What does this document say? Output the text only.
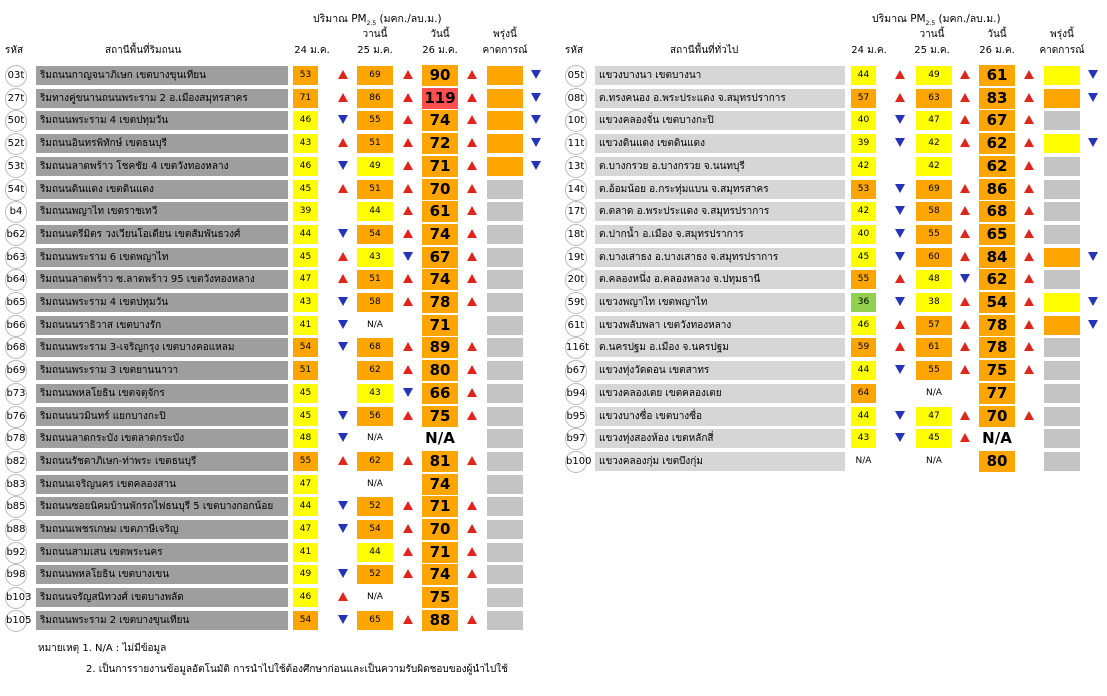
ปริมาณ $PM_{2.5}$ (มคก./ลบ.ม.)
รหัส	สถานีพื้นที่ริมถนน	24 ม.ค.
วานนี้
25 ม.ค.
วันนี้
26 ม.ค.
พรุ่งนี้
คาดการณ์
03t	ริมถนนกาญจนาภิเษก เขตบางขุนเทียน	53	69	90
27t	ริมทางคู่ขนานถนนพระราม 2 อ.เมืองสมุทรสาคร	71	86	119
50t	ริมถนนพระราม 4 เขตปทุมวัน	46	55	74
52t	ริมถนนอินทรพิทักษ์ เขตธนบุรี	43	51	72
53t	ริมถนนลาดพร้าว โชคชัย 4 เขตวังทองหลาง	46	49	71
54t	ริมถนนดินแดง เขตดินแดง	45	51	70
b4	ริมถนนพญาไท เขตราชเทวี	39	44	61
b62	ริมถนนตรีมิตร วงเวียนโอเดียน เขตสัมพันธวงศ์	44	54	74
b63	ริมถนนพระราม 6 เขตพญาไท	45	43	67
b64	ริมถนนลาดพร้าว ซ.ลาดพร้าว 95 เขตวังทองหลาง	47	51	74
b65	ริมถนนพระราม 4 เขตปทุมวัน	43	58	78
b66	ริมถนนนราธิวาส เขตบางรัก	41	N/A	71
b68	ริมถนนพระราม 3-เจริญกรุง เขตบางคอแหลม	54	68	89
b69	ริมถนนพระราม 3 เขตยานนาวา	51	62	80
b73	ริมถนนพหลโยธิน เขตจตุจักร	45	43	66
b76	ริมถนนนวมินทร์ แยกบางกะปิ	45	56	75
b78	ริมถนนลาดกระบัง เขตลาดกระบัง	48	N/A	N/A
b82	ริมถนนรัชดาภิเษก-ท่าพระ เขตธนบุรี	55	62	81
b83	ริมถนนเจริญนคร เขตคลองสาน	47	N/A	74
b85	ริมถนนซอยนิคมบ้านพักรถไฟธนบุรี 5 เขตบางกอกน้อย	44	52	71
b88	ริมถนนเพชรเกษม เขตภาษีเจริญ	47	54	70
b92	ริมถนนสามเสน เขตพระนคร	41	44	71
b98	ริมถนนพหลโยธิน เขตบางเขน	49	52	74
b103 ริมถนนจรัญสนิทวงศ์ เขตบางพลัด	46	N/A	75
b105 ริมถนนพระราม 2 เขตบางขุนเทียน	54	65	88
ปริมาณ $PM_{2.5}$ (มคก./ลบ.ม.)
รหัส	สถานีพื้นที่ทั่วไป	24 ม.ค.
วานนี้
25 ม.ค.
วันนี้
26 ม.ค.
พรุ่งนี้
คาดการณ์
05t	แขวงบางนา เขตบางนา	44	49	61
08t	ต.ทรงคนอง อ.พระประแดง จ.สมุทรปราการ	57	63	83
10t	แขวงคลองจั่น เขตบางกะปิ	40	47	67
11t	แขวงดินแดง เขตดินแดง	39	42	62
13t	ต.บางกรวย อ.บางกรวย จ.นนทบุรี	42	42	62
14t	ต.อ้อมน้อย อ.กระทุ่มแบน จ.สมุทรสาคร	53	69	86
17t	ต.ตลาด อ.พระประแดง จ.สมุทรปราการ	42	58	68
18t	ต.ปากน้ำ อ.เมือง จ.สมุทรปราการ	40	55	65
19t	ต.บางเสาธง อ.บางเสาธง จ.สมุทรปราการ	45	60	84
20t	ต.คลองหนึ่ง อ.คลองหลวง จ.ปทุมธานี	55	48	62
59t	แขวงพญาไท เขตพญาไท	36	38	54
61t	แขวงพลับพลา เขตวังทองหลาง	46	57	78
116t ต.นครปฐม อ.เมือง จ.นครปฐม	59	61	78
b67	แขวงทุ่งวัดดอน เขตสาทร	44	55	75
b94	แขวงคลองเตย เขตคลองเตย	64	N/A	77
b95	แขวงบางซื่อ เขตบางซื่อ	44	47	70
b97	แขวงทุ่งสองห้อง เขตหลักสี่	43	45	N/A
b100 แขวงคลองกุ่ม เขตบึงกุ่ม	N/A	N/A	80
หมายเหตุ 1. N/A : ไม่มีข้อมูล
2. เป็นการรายงานข้อมูลอัตโนมัติ การนำไปใช้ต้องศึกษาก่อนและเป็นความรับผิดชอบของผู้นำไปใช้
